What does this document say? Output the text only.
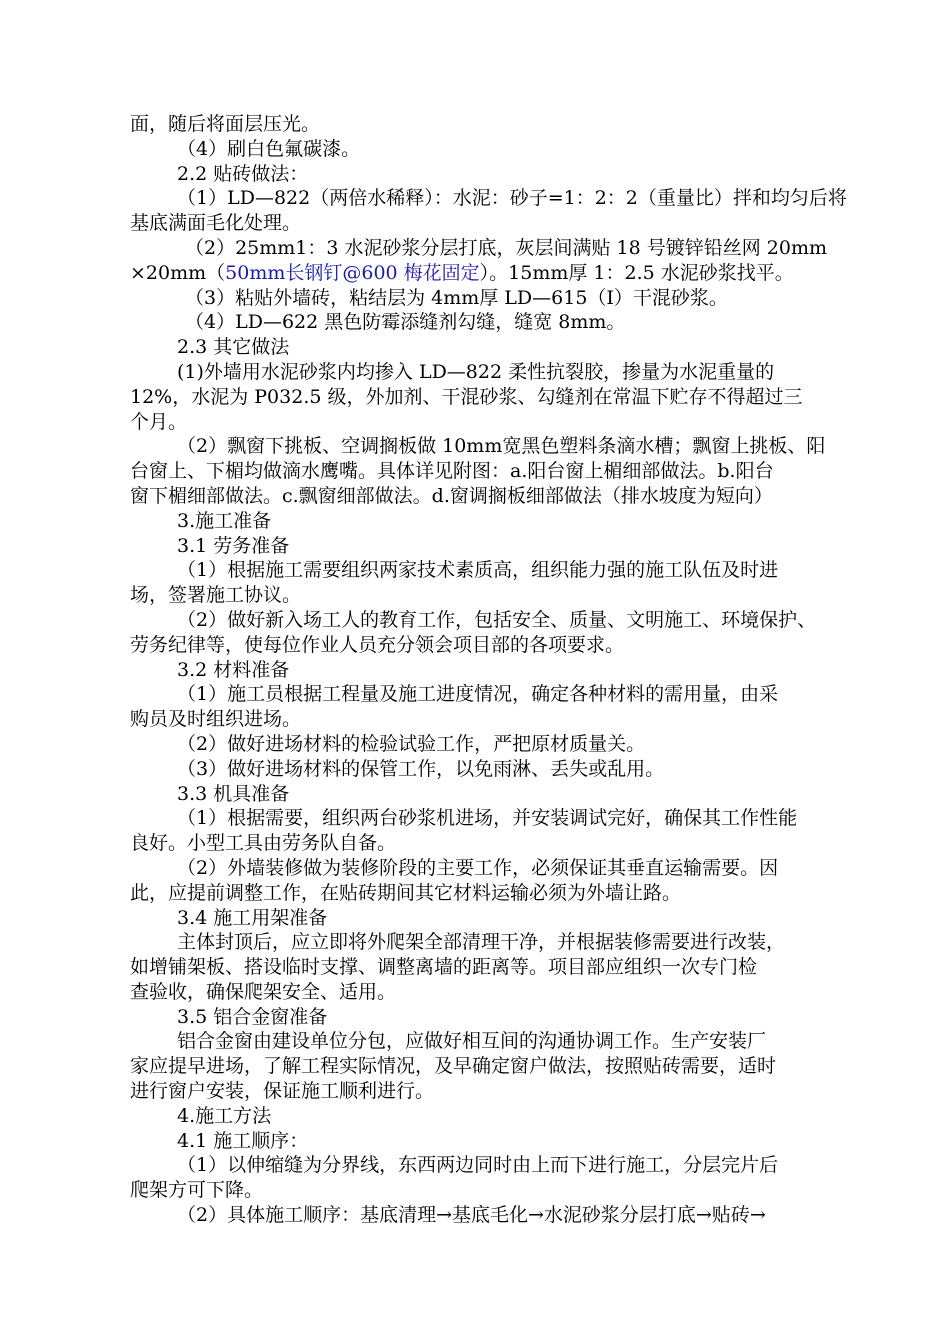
面，随后将面层压光。
（4）刷白色氟碳漆。
2.2 贴砖做法：
（1）LD—822（两倍水稀释）：水泥：砂子=1：2：2（重量比）拌和均匀后将
基底满面毛化处理。
（2）25mm1：3 水泥砂浆分层打底，灰层间满贴 18 号镀锌铅丝网 20mm
×20mm（50mm长钢钉@600 梅花固定）。15mm厚 1：2.5 水泥砂浆找平。
（3）粘贴外墙砖，粘结层为 4mm厚 LD—615（I）干混砂浆。
（4）LD—622 黑色防霉添缝剂勾缝，缝宽 8mm。
2.3 其它做法
(1)外墙用水泥砂浆内均掺入 LD—822 柔性抗裂胶，掺量为水泥重量的
12%，水泥为 P032.5 级，外加剂、干混砂浆、勾缝剂在常温下贮存不得超过三
个月。
（2）飘窗下挑板、空调搁板做 10mm宽黑色塑料条滴水槽；飘窗上挑板、阳
台窗上、下楣均做滴水鹰嘴。具体详见附图：a.阳台窗上楣细部做法。b.阳台
窗下楣细部做法。c.飘窗细部做法。d.窗调搁板细部做法（排水坡度为短向）
3.施工准备
3.1 劳务准备
（1）根据施工需要组织两家技术素质高，组织能力强的施工队伍及时进
场，签署施工协议。
（2）做好新入场工人的教育工作，包括安全、质量、文明施工、环境保护、
劳务纪律等，使每位作业人员充分领会项目部的各项要求。
3.2 材料准备
（1）施工员根据工程量及施工进度情况，确定各种材料的需用量，由采
购员及时组织进场。
（2）做好进场材料的检验试验工作，严把原材质量关。
（3）做好进场材料的保管工作，以免雨淋、丢失或乱用。
3.3 机具准备
（1）根据需要，组织两台砂浆机进场，并安装调试完好，确保其工作性能
良好。小型工具由劳务队自备。
（2）外墙装修做为装修阶段的主要工作，必须保证其垂直运输需要。因
此，应提前调整工作，在贴砖期间其它材料运输必须为外墙让路。
3.4 施工用架准备
主体封顶后，应立即将外爬架全部清理干净，并根据装修需要进行改装，
如增铺架板、搭设临时支撑、调整离墙的距离等。项目部应组织一次专门检
查验收，确保爬架安全、适用。
3.5 铝合金窗准备
铝合金窗由建设单位分包，应做好相互间的沟通协调工作。生产安装厂
家应提早进场，了解工程实际情况，及早确定窗户做法，按照贴砖需要，适时
进行窗户安装，保证施工顺利进行。
4.施工方法
4.1 施工顺序：
（1）以伸缩缝为分界线，东西两边同时由上而下进行施工，分层完片后
爬架方可下降。
（2）具体施工顺序：基底清理→基底毛化→水泥砂浆分层打底→贴砖→
